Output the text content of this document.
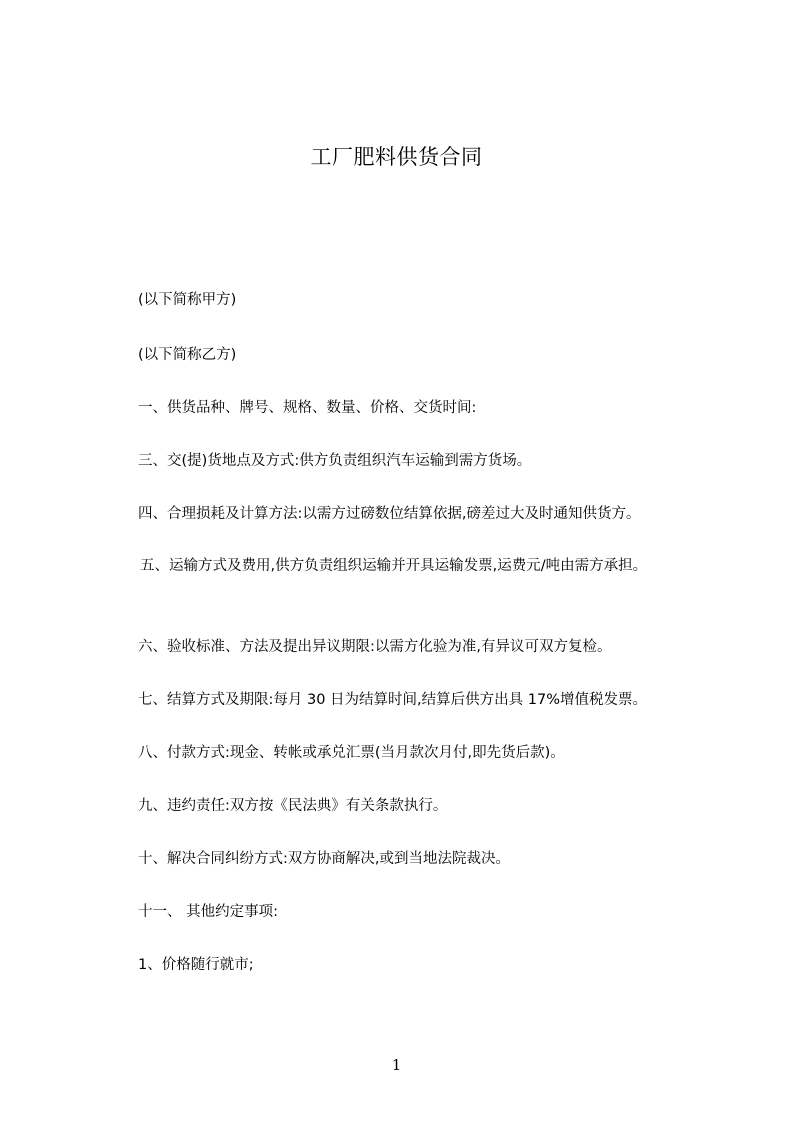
工厂肥料供货合同
(以下简称甲方)
(以下简称乙方)
一、供货品种、牌号、规格、数量、价格、交货时间:
三、交(提)货地点及方式:供方负责组织汽车运输到需方货场。
四、合理损耗及计算方法:以需方过磅数位结算依据,磅差过大及时通知供货方。
五、运输方式及费用,供方负责组织运输并开具运输发票,运费元/吨由需方承担。
六、验收标准、方法及提出异议期限:以需方化验为准,有异议可双方复检。
七、结算方式及期限:每月 30 日为结算时间,结算后供方出具 17%增值税发票。
八、付款方式:现金、转帐或承兑汇票(当月款次月付,即先货后款)。
九、违约责任:双方按《民法典》有关条款执行。
十、解决合同纠纷方式:双方协商解决,或到当地法院裁决。
十一、 其他约定事项:
1、价格随行就市;
1
